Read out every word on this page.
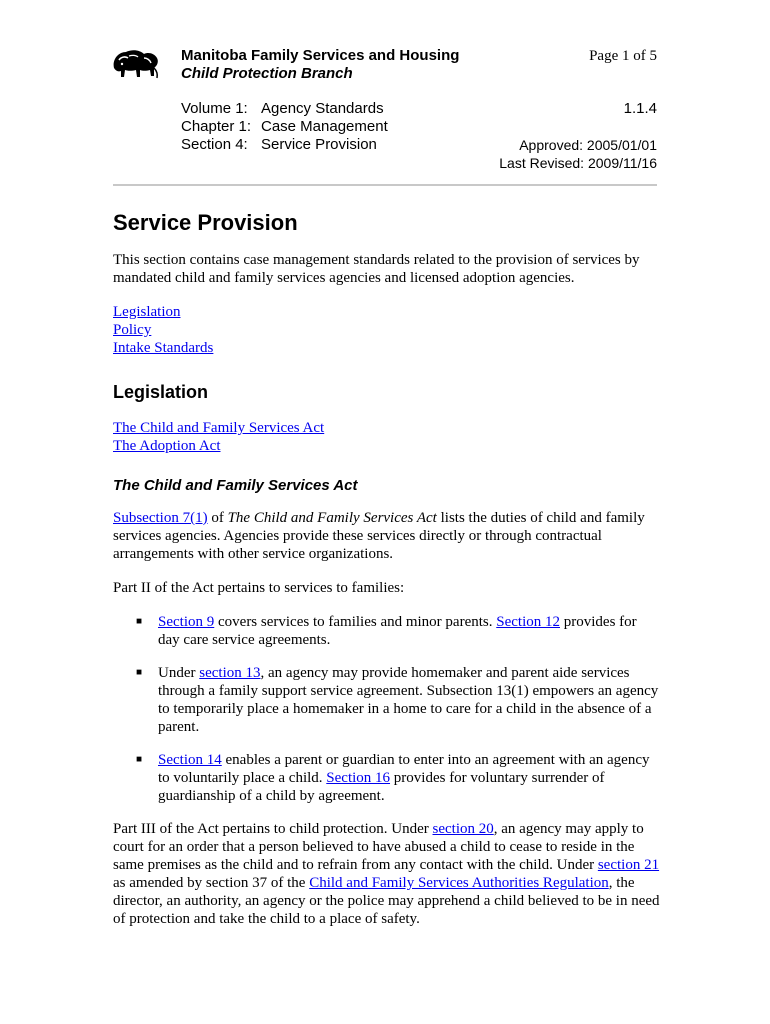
Manitoba Family Services and Housing
Child Protection Branch
Page 1 of 5
Volume 1: Agency Standards
Chapter 1: Case Management
Section 4: Service Provision
1.1.4
Approved: 2005/01/01
Last Revised: 2009/11/16
Service Provision

This section contains case management standards related to the provision of services by mandated child and family services agencies and licensed adoption agencies.

Legislation

Policy

Intake Standards

Legislation

The Child and Family Services Act

The Adoption Act

The Child and Family Services Act

Subsection 7(1) of The Child and Family Services Act lists the duties of child and family services agencies. Agencies provide these services directly or through contractual arrangements with other service organizations.

Part II of the Act pertains to services to families:

■ Section 9 covers services to families and minor parents. Section 12 provides for day care service agreements.
■ Under section 13, an agency may provide homemaker and parent aide services through a family support service agreement. Subsection 13(1) empowers an agency to temporarily place a homemaker in a home to care for a child in the absence of a parent.
■ Section 14 enables a parent or guardian to enter into an agreement with an agency to voluntarily place a child. Section 16 provides for voluntary surrender of guardianship of a child by agreement.

Part III of the Act pertains to child protection. Under section 20, an agency may apply to court for an order that a person believed to have abused a child to cease to reside in the same premises as the child and to refrain from any contact with the child. Under section 21 as amended by section 37 of the Child and Family Services Authorities Regulation, the director, an authority, an agency or the police may apprehend a child believed to be in need of protection and take the child to a place of safety.
